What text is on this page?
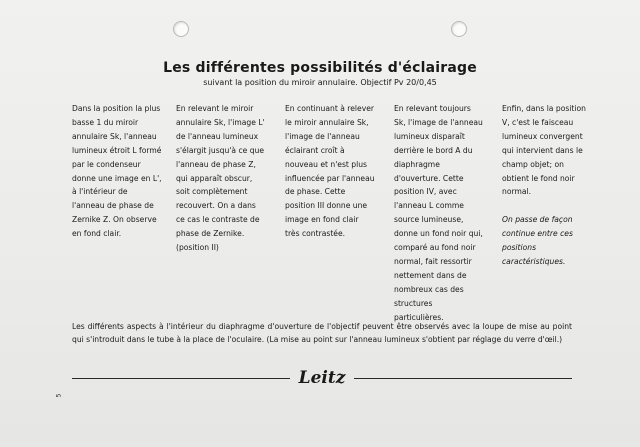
Les différentes possibilités d'éclairage
suivant la position du miroir annulaire. Objectif Pv 20/0,45

Dans la position la plus basse 1 du miroir annulaire Sk, l'anneau lumineux étroit L formé par le condenseur donne une image en L', à l'intérieur de l'anneau de phase de Zernike Z. On observe en fond clair.

En relevant le miroir annulaire Sk, l'image L' de l'anneau lumineux s'élargit jusqu'à ce que l'anneau de phase Z, qui apparaît obscur, soit complètement recouvert. On a dans ce cas le contraste de phase de Zernike. (position II)

En continuant à relever le miroir annulaire Sk, l'image de l'anneau éclairant croît à nouveau et n'est plus influencée par l'anneau de phase. Cette position III donne une image en fond clair très contrastée.

En relevant toujours Sk, l'image de l'anneau lumineux disparaît derrière le bord A du diaphragme d'ouverture. Cette position IV, avec l'anneau L comme source lumineuse, donne un fond noir qui, comparé au fond noir normal, fait ressortir nettement dans de nombreux cas des structures particulières.

Enfin, dans la position V, c'est le faisceau lumineux convergent qui intervient dans le champ objet; on obtient le fond noir normal.

On passe de façon continue entre ces positions caractéristiques.

Les différents aspects à l'intérieur du diaphragme d'ouverture de l'objectif peuvent être observés avec la loupe de mise au point qui s'introduit dans le tube à la place de l'oculaire. (La mise au point sur l'anneau lumineux s'obtient par réglage du verre d'œil.)
Leitz
5
